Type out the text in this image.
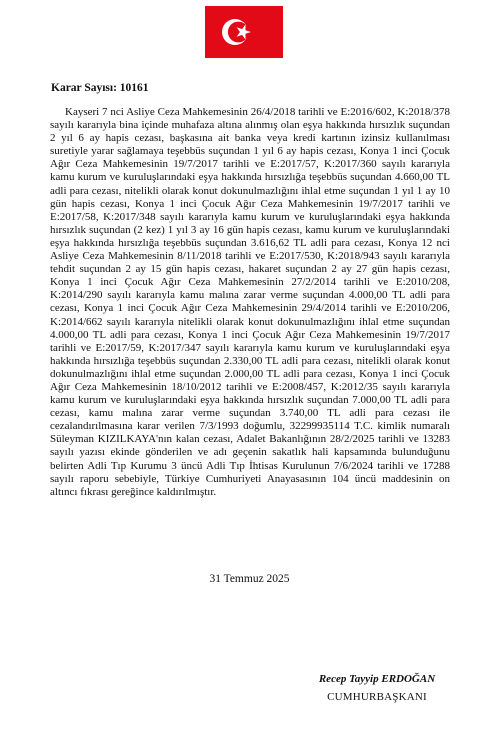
Karar Sayısı: 10161
Kayseri 7 nci Asliye Ceza Mahkemesinin 26/4/2018 tarihli ve E:2016/602, K:2018/378 sayılı kararıyla bina içinde muhafaza altına alınmış olan eşya hakkında hırsızlık suçundan 2 yıl 6 ay hapis cezası, başkasına ait banka veya kredi kartının izinsiz kullanılması suretiyle yarar sağlamaya teşebbüs suçundan 1 yıl 6 ay hapis cezası, Konya 1 inci Çocuk Ağır Ceza Mahkemesinin 19/7/2017 tarihli ve E:2017/57, K:2017/360 sayılı kararıyla kamu kurum ve kuruluşlarındaki eşya hakkında hırsızlığa teşebbüs suçundan 4.660,00 TL adli para cezası, nitelikli olarak konut dokunulmazlığını ihlal etme suçundan 1 yıl 1 ay 10 gün hapis cezası, Konya 1 inci Çocuk Ağır Ceza Mahkemesinin 19/7/2017 tarihli ve E:2017/58, K:2017/348 sayılı kararıyla kamu kurum ve kuruluşlarındaki eşya hakkında hırsızlık suçundan (2 kez) 1 yıl 3 ay 16 gün hapis cezası, kamu kurum ve kuruluşlarındaki eşya hakkında hırsızlığa teşebbüs suçundan 3.616,62 TL adli para cezası, Konya 12 nci Asliye Ceza Mahkemesinin 8/11/2018 tarihli ve E:2017/530, K:2018/943 sayılı kararıyla tehdit suçundan 2 ay 15 gün hapis cezası, hakaret suçundan 2 ay 27 gün hapis cezası, Konya 1 inci Çocuk Ağır Ceza Mahkemesinin 27/2/2014 tarihli ve E:2010/208, K:2014/290 sayılı kararıyla kamu malına zarar verme suçundan 4.000,00 TL adli para cezası, Konya 1 inci Çocuk Ağır Ceza Mahkemesinin 29/4/2014 tarihli ve E:2010/206, K:2014/662 sayılı kararıyla nitelikli olarak konut dokunulmazlığını ihlal etme suçundan 4.000,00 TL adli para cezası, Konya 1 inci Çocuk Ağır Ceza Mahkemesinin 19/7/2017 tarihli ve E:2017/59, K:2017/347 sayılı kararıyla kamu kurum ve kuruluşlarındaki eşya hakkında hırsızlığa teşebbüs suçundan 2.330,00 TL adli para cezası, nitelikli olarak konut dokunulmazlığını ihlal etme suçundan 2.000,00 TL adli para cezası, Konya 1 inci Çocuk Ağır Ceza Mahkemesinin 18/10/2012 tarihli ve E:2008/457, K:2012/35 sayılı kararıyla kamu kurum ve kuruluşlarındaki eşya hakkında hırsızlık suçundan 7.000,00 TL adli para cezası, kamu malına zarar verme suçundan 3.740,00 TL adli para cezası ile cezalandırılmasına karar verilen 7/3/1993 doğumlu, 32299935114 T.C. kimlik numaralı Süleyman KIZILKAYA'nın kalan cezası, Adalet Bakanlığının 28/2/2025 tarihli ve 13283 sayılı yazısı ekinde gönderilen ve adı geçenin sakatlık hali kapsamında bulunduğunu belirten Adli Tıp Kurumu 3 üncü Adli Tıp İhtisas Kurulunun 7/6/2024 tarihli ve 17288 sayılı raporu sebebiyle, Türkiye Cumhuriyeti Anayasasının 104 üncü maddesinin on altıncı fıkrası gereğince kaldırılmıştır.
31 Temmuz 2025
Recep Tayyip ERDOĞAN
CUMHURBAŞKANI
